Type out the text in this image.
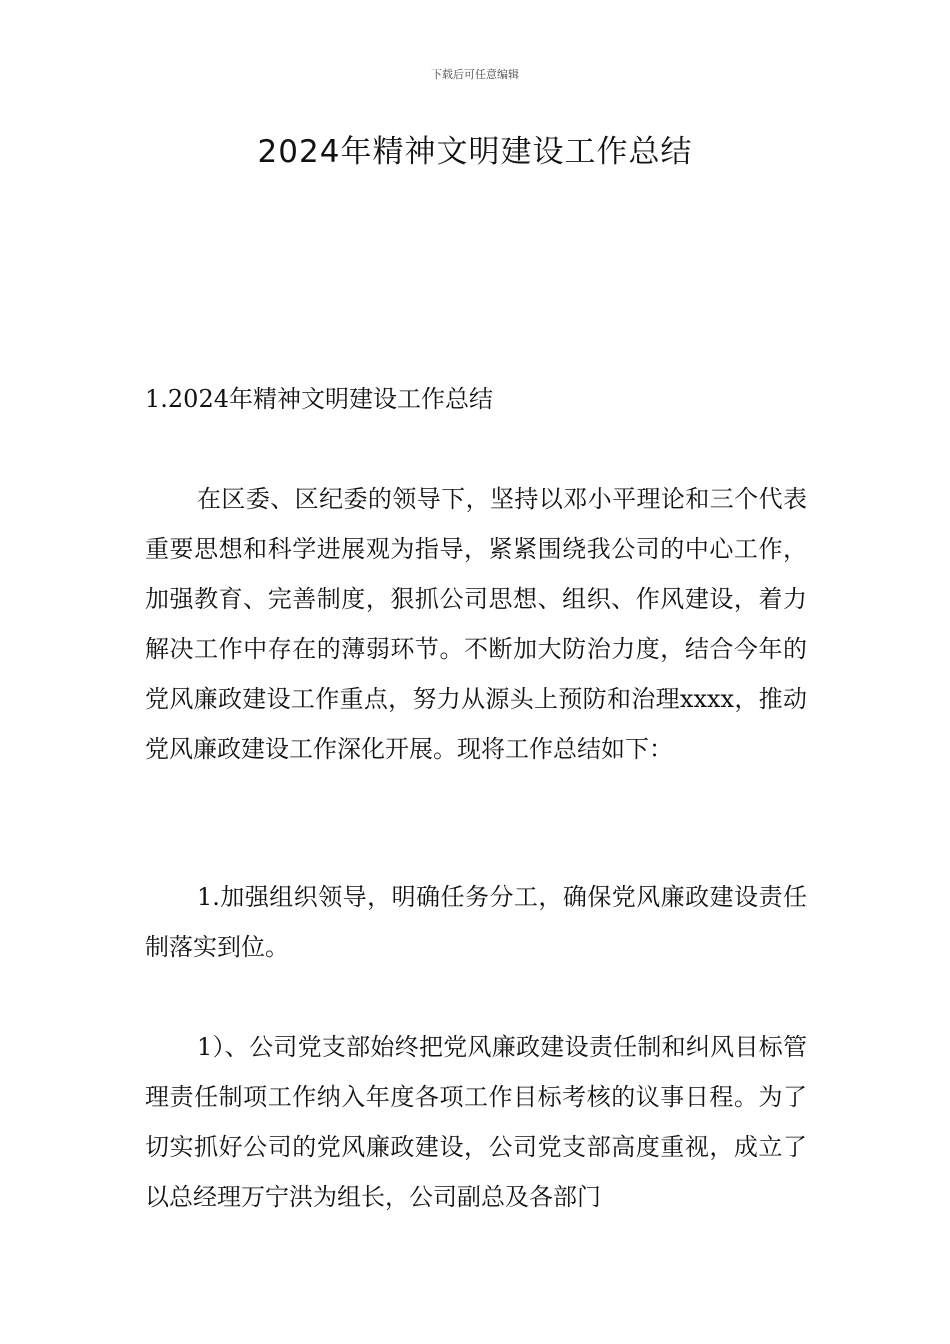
下载后可任意编辑
2024年精神文明建设工作总结

1.2024年精神文明建设工作总结

在区委、区纪委的领导下，坚持以邓小平理论和三个代表重要思想和科学进展观为指导，紧紧围绕我公司的中心工作，加强教育、完善制度，狠抓公司思想、组织、作风建设，着力解决工作中存在的薄弱环节。不断加大防治力度，结合今年的党风廉政建设工作重点，努力从源头上预防和治理xxxx，推动党风廉政建设工作深化开展。现将工作总结如下：

1.加强组织领导，明确任务分工，确保党风廉政建设责任制落实到位。

1）、公司党支部始终把党风廉政建设责任制和纠风目标管理责任制项工作纳入年度各项工作目标考核的议事日程。为了切实抓好公司的党风廉政建设，公司党支部高度重视，成立了以总经理万宁洪为组长，公司副总及各部门
